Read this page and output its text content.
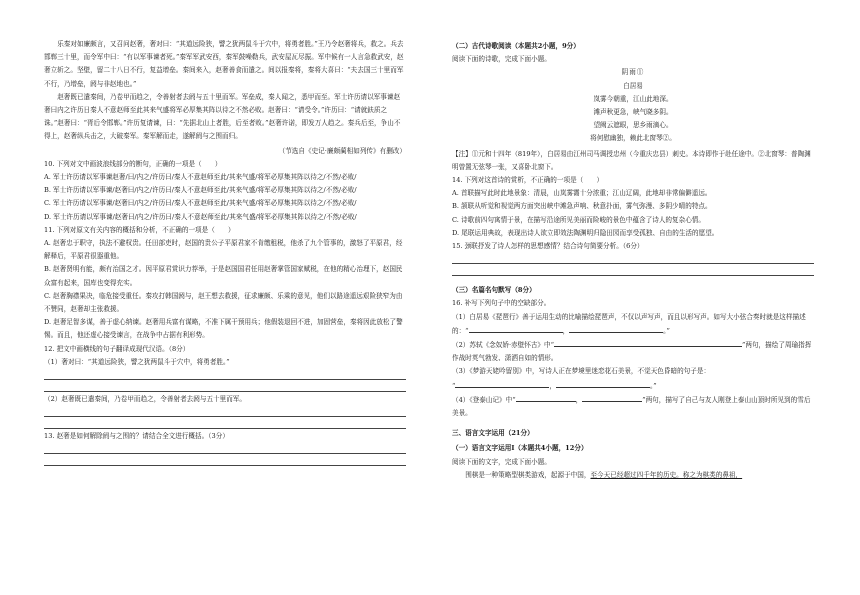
乐秦对如廉颇言，又召问赵奢，奢对曰：“其道远险狭，譬之犹两鼠斗于穴中，将勇者胜。”王乃令赵奢将兵，救之。兵去邯郸三十里，而令军中曰：“有以军事谏者死。”秦军军武安西，秦军鼓噪勒兵，武安屋瓦尽振。军中候有一人言急救武安，赵奢立斩之。坚壁，留二十八日不行，复益增垒。秦间来入，赵奢善食而遣之。间以报秦将，秦将大喜曰：“夫去国三十里而军不行，乃增垒，阏与非赵地也。”

赵奢既已遣秦间，乃卷甲而趋之，令善射者去阏与五十里而军。军垒成，秦人闻之，悉甲而至。军士许历请以军事谏赵奢曰内之许历日秦人不意赵师至此其来气盛将军必厚集其阵以待之不然必败。赵奢曰：“请受令。”许历曰：“请就鈇质之诛。”赵奢曰：“胥后令邯郸。”许历复请谏，曰：“先据北山上者胜，后至者败。”赵奢许诺，即发万人趋之。秦兵后至，争山不得上，赵奢纵兵击之，大破秦军。秦军解而走，遂解阏与之围而归。

（节选自《史记·廉颇蔺相如列传》有删改）

10. 下列对文中画波浪线部分的断句，正确的一项是（　　）

A. 军士许历请以军事谏赵奢/曰/内之/许历曰/秦人不意赵师至此/其来气盛/将军必厚集其阵以待之/不然/必败/

B. 军士许历请以军事谏/赵奢曰/内之/许历曰/秦人不意赵师至此/其来气盛/将军必厚集其阵以待之/不然/必败/

C. 军士许历请以军事谏/赵奢曰/内之/许历曰/秦人不意赵师至此/其来气盛/将军必厚集其阵以待之/不然/必败/

D. 军士许历请以军事谏/赵奢曰/内之/许历曰/秦人不意赵师至此/其来气盛/将军必厚集其阵以待之/不然/必败/

11. 下列对原文有关内容的概括和分析，不正确的一项是（　　）

A. 赵奢忠于职守，执法不避权贵。任田部吏时，赵国的贵公子平原君家不肯缴租税，他杀了九个管事的，激怒了平原君，经解释后，平原君很器重他。

B. 赵奢贤明有能，颇有治国之才。因平原君赏识力荐举，于是赵国国君任用赵奢掌管国家赋税，在他的精心治理下，赵国民众富有起来，国库也变得充实。

C. 赵奢胸襟果决，临危接受重任。秦攻打韩国阏与，赵王想去救援，征求廉颇、乐乘的意见，他们以路途遥远艰险狭窄为由不赞同，赵奢却主张救援。

D. 赵奢足智多谋，善于虚心纳谏。赵奢用兵富有谋略，不准下属干预用兵；他假装退回不进，加固营垒，秦将因此放松了警惕。而且，他还虚心接受谏言，在战争中占据有利形势。

12. 把文中画横线的句子翻译成现代汉语。（8分）

（1）奢对曰：“其道远险狭，譬之犹两鼠斗于穴中，将勇者胜。”

（2）赵奢既已遣秦间，乃卷甲而趋之，令善射者去阏与五十里而军。

13. 赵奢是如何解除阏与之围的？请结合全文进行概括。（3分）

（二）古代诗歌阅读（本题共2小题，9分）

阅读下面的诗歌，完成下面小题。

阴雨①

白居易

岚雾今朝重，江山此地深。

滩声秋更急，峡气晓多阴。

望阙云遮眼，思乡雨滴心。

将何慰幽独，赖此北窗琴②。

【注】①元和十四年（819年），白居易由江州司马调授忠州（今重庆忠县）刺史。本诗即作于赴任途中。②北窗琴：普陶渊明曾置无弦琴一张，又喜卧北窗下。

14. 下列对这首诗的赏析，不正确的一项是（　　）

A. 首联描写此时此地景象：清晨，山岚雾霭十分浓重；江山辽阔，此地却非常偏僻遥远。

B. 颔联从听觉和视觉两方面突出峡中滩急声响、秋意扑面，雾气弥漫、多阴少晴的特点。

C. 诗歌前四句寓情于景，在描写沿途所见美丽而险峻的景色中蕴含了诗人的复杂心情。

D. 尾联运用典故，表现出诗人欲立即效法陶渊明归隐田园而享受孤独、自由的生活的愿望。

15. 颈联抒发了诗人怎样的思想感情？结合诗句简要分析。（6分）

（三）名篇名句默写（8分）

16. 补写下列句子中的空缺部分。

（1）白居易《琵琶行》善于运用生动的比喻描绘琵琶声，不仅以声写声，而且以形写声。如写大小弦合奏时就是这样描述的：“	，	。”

（2）苏轼《念奴娇·赤壁怀古》中“	”两句，描绘了周瑜指挥作战时英气勃发、潇洒自如的情形。

（3）《梦游天姥吟留别》中，写诗人正在梦境里迷恋花石美景，不觉天色昏暗的句子是：
“	，	。”

（4）《登泰山记》中“	，	”两句，描写了自己与友人刚登上泰山山顶时所见到的雪后美景。

三、语言文字运用（21分）

（一）语言文字运用Ⅰ（本题共4小题，12分）

阅读下面的文字，完成下面小题。

围棋是一种策略型棋类游戏，起源于中国，至今天已经超过四千年的历史。称之为棋类的鼻祖，
